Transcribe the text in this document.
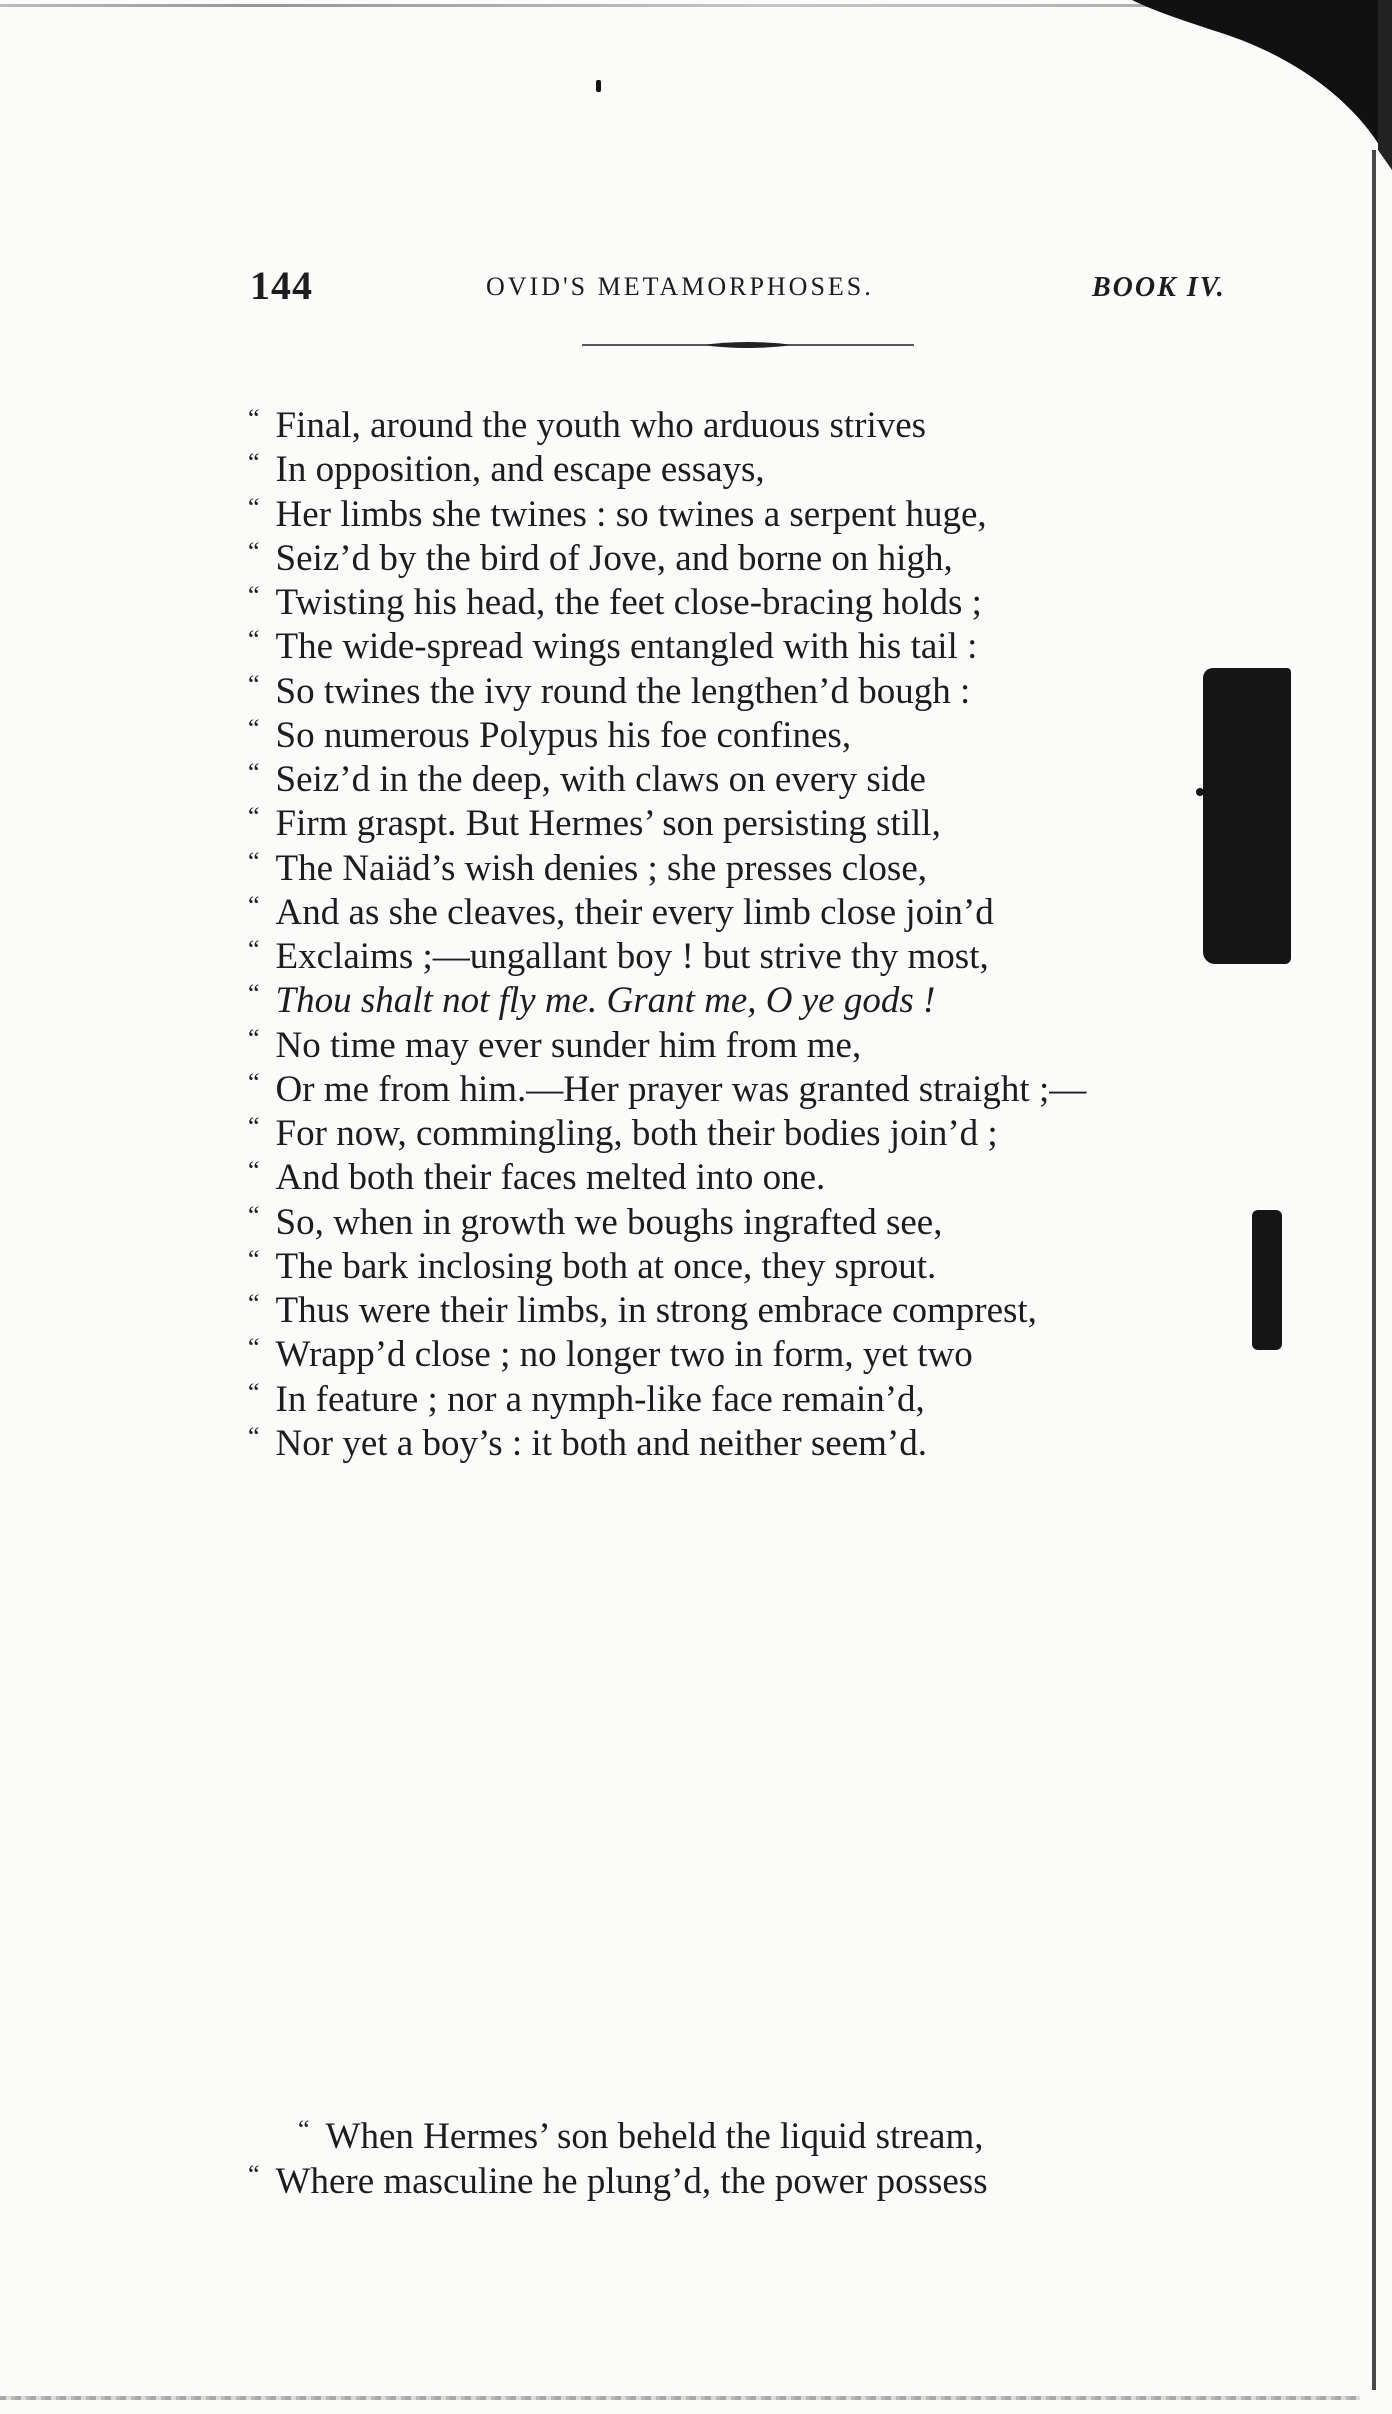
144	OVID'S METAMORPHOSES.	BOOK IV.
“ Final, around the youth who arduous strives
“ In opposition, and escape essays,
“ Her limbs she twines : so twines a serpent huge,
“ Seiz’d by the bird of Jove, and borne on high,
“ Twisting his head, the feet close-bracing holds ;
“ The wide-spread wings entangled with his tail :
“ So twines the ivy round the lengthen’d bough :
“ So numerous Polypus his foe confines,
“ Seiz’d in the deep, with claws on every side
“ Firm graspt. But Hermes’ son persisting still,
“ The Naiäd’s wish denies ; she presses close,
“ And as she cleaves, their every limb close join’d
“ Exclaims ;—ungallant boy ! but strive thy most,
“ Thou shalt not fly me. Grant me, O ye gods !
“ No time may ever sunder him from me,
“ Or me from him.—Her prayer was granted straight ;—
“ For now, commingling, both their bodies join’d ;
“ And both their faces melted into one.
“ So, when in growth we boughs ingrafted see,
“ The bark inclosing both at once, they sprout.
“ Thus were their limbs, in strong embrace comprest,
“ Wrapp’d close ; no longer two in form, yet two
“ In feature ; nor a nymph-like face remain’d,
“ Nor yet a boy’s : it both and neither seem’d.
“ When Hermes’ son beheld the liquid stream,
“ Where masculine he plung’d, the power possess
